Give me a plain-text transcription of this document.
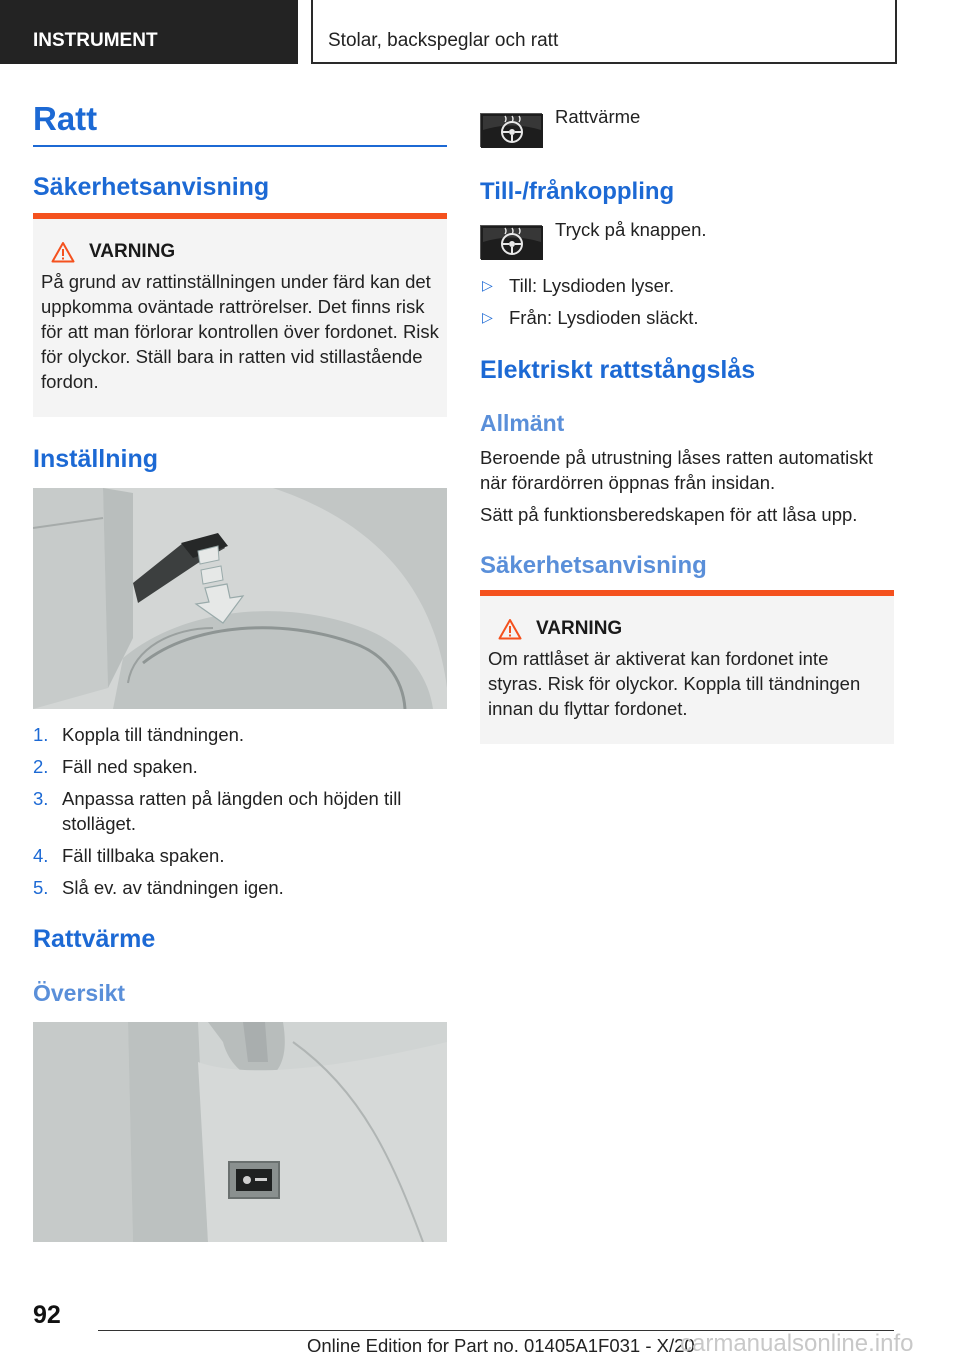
INSTRUMENT	Stolar, backspeglar och ratt
Ratt
Säkerhetsanvisning
VARNING
På grund av rattinställningen under färd kan det uppkomma oväntade rattrörelser. Det finns risk för att man förlorar kontrollen över fordonet. Risk för olyckor. Ställ bara in ratten vid stillastående fordon.
Inställning
1. Koppla till tändningen.
2. Fäll ned spaken.
3. Anpassa ratten på längden och höjden till stolläget.
4. Fäll tillbaka spaken.
5. Slå ev. av tändningen igen.
Rattvärme
Översikt

Rattvärme

Till-/frånkoppling

Tryck på knappen.

▷ Till: Lysdioden lyser.
▷ Från: Lysdioden släckt.
Elektriskt rattstångslås
Allmänt

Beroende på utrustning låses ratten automatiskt när förardörren öppnas från insidan.

Sätt på funktionsberedskapen för att låsa upp.

Säkerhetsanvisning
VARNING
Om rattlåset är aktiverat kan fordonet inte styras. Risk för olyckor. Koppla till tändningen innan du flyttar fordonet.
92
Online Edition for Part no. 01405A1F031 - X/20
carmanualsonline.info
